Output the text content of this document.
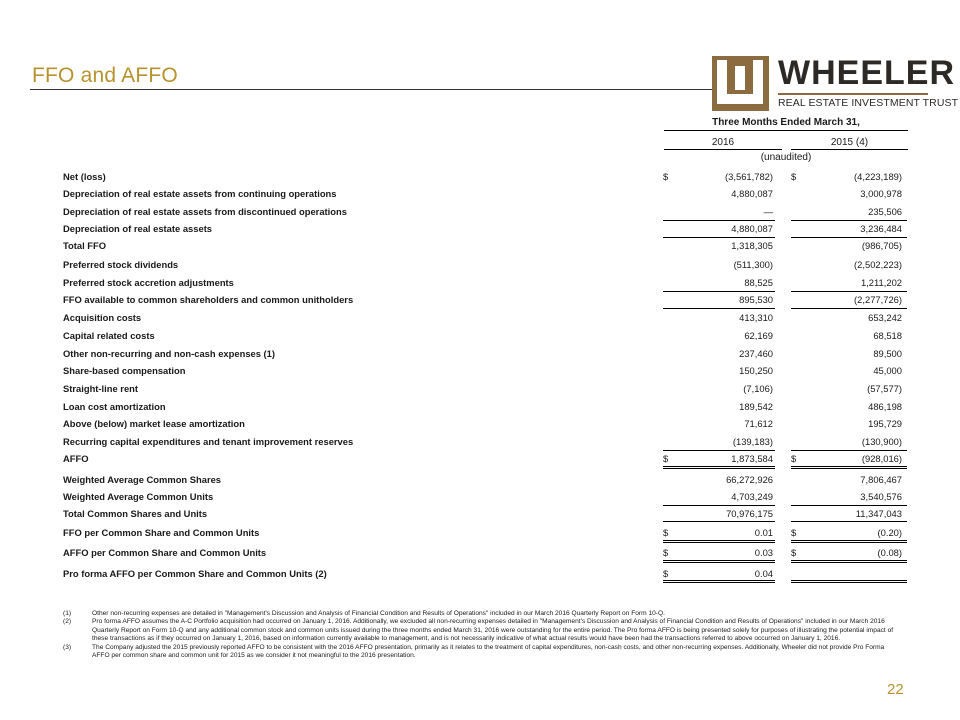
FFO and AFFO	WHEELER
REAL ESTATE INVESTMENT TRUST
Three Months Ended March 31,
2016	2015 (4)
(unaudited)
Net (loss)	$	(3,561,782) $	(4,223,189)
Depreciation of real estate assets from continuing operations	4,880,087	3,000,978
Depreciation of real estate assets from discontinued operations	—	235,506
Depreciation of real estate assets	4,880,087	3,236,484
Total FFO	1,318,305	(986,705)
Preferred stock dividends	(511,300)	(2,502,223)
Preferred stock accretion adjustments	88,525	1,211,202
FFO available to common shareholders and common unitholders	895,530	(2,277,726)
Acquisition costs	413,310	653,242
Capital related costs	62,169	68,518
Other non-recurring and non-cash expenses (1)	237,460	89,500
Share-based compensation	150,250	45,000
Straight-line rent	(7,106)	(57,577)
Loan cost amortization	189,542	486,198
Above (below) market lease amortization	71,612	195,729
Recurring capital expenditures and tenant improvement reserves	(139,183)	(130,900)
AFFO	$	1,873,584 $	(928,016)
Weighted Average Common Shares	66,272,926	7,806,467
Weighted Average Common Units	4,703,249	3,540,576
Total Common Shares and Units	70,976,175	11,347,043
FFO per Common Share and Common Units	$	0.01 $	(0.20)
AFFO per Common Share and Common Units	$	0.03 $	(0.08)
Pro forma AFFO per Common Share and Common Units (2)	$	0.04
(1)	Other non-recurring expenses are detailed in "Management's Discussion and Analysis of Financial Condition and Results of Operations" included in our March 2016 Quarterly Report on Form 10-Q.
(2)	Pro forma AFFO assumes the A-C Portfolio acquisition had occurred on January 1, 2016. Additionally, we excluded all non-recurring expenses detailed in "Management's Discussion and Analysis of Financial Condition and Results of Operations" included in our March 2016 Quarterly Report on Form 10-Q and any additional common stock and common units issued during the three months ended March 31, 2016 were outstanding for the entire period. The Pro forma AFFO is being presented solely for purposes of illustrating the potential impact of these transactions as if they occurred on January 1, 2016, based on information currently available to management, and is not necessarily indicative of what actual results would have been had the transactions referred to above occurred on January 1, 2016.
(3)	The Company adjusted the 2015 previously reported AFFO to be consistent with the 2016 AFFO presentation, primarily as it relates to the treatment of capital expenditures, non-cash costs, and other non-recurring expenses. Additionally, Wheeler did not provide Pro Forma AFFO per common share and common unit for 2015 as we consider it not meaningful to the 2016 presentation.
22
